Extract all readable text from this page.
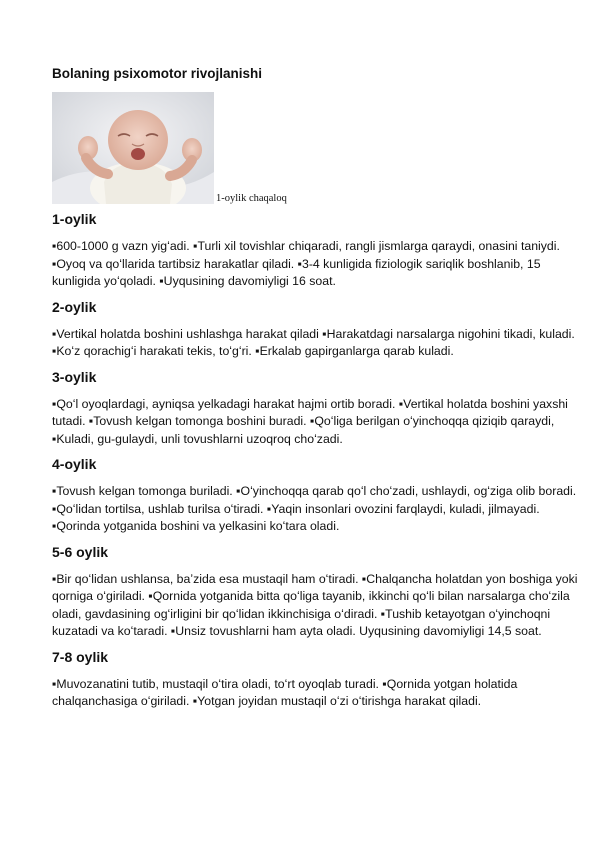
Bolaning psixomotor rivojlanishi
1-oylik chaqaloq
1-oylik

▪600-1000 g vazn yigʻadi. ▪Turli xil tovishlar chiqaradi, rangli jismlarga qaraydi, onasini taniydi. ▪Oyoq va qoʻllarida tartibsiz harakatlar qiladi. ▪3-4 kunligida fiziologik sariqlik boshlanib, 15 kunligida yoʻqoladi. ▪Uyqusining davomiyligi 16 soat.

2-oylik

▪Vertikal holatda boshini ushlashga harakat qiladi ▪Harakatdagi narsalarga nigohini tikadi, kuladi. ▪Koʻz qorachigʻi harakati tekis, toʻgʻri. ▪Erkalab gapirganlarga qarab kuladi.

3-oylik

▪Qoʻl oyoqlardagi, ayniqsa yelkadagi harakat hajmi ortib boradi. ▪Vertikal holatda boshini yaxshi tutadi. ▪Tovush kelgan tomonga boshini buradi. ▪Qoʻliga berilgan oʻyinchoqqa qiziqib qaraydi, ▪Kuladi, gu-gulaydi, unli tovushlarni uzoqroq choʻzadi.

4-oylik

▪Tovush kelgan tomonga buriladi. ▪Oʻyinchoqqa qarab qoʻl choʻzadi, ushlaydi, ogʻziga olib boradi. ▪Qoʻlidan tortilsa, ushlab turilsa oʻtiradi. ▪Yaqin insonlari ovozini farqlaydi, kuladi, jilmayadi. ▪Qorinda yotganida boshini va yelkasini koʻtara oladi.

5-6 oylik

▪Bir qoʻlidan ushlansa, baʼzida esa mustaqil ham oʻtiradi. ▪Chalqancha holatdan yon boshiga yoki qorniga oʻgiriladi. ▪Qornida yotganida bitta qoʻliga tayanib, ikkinchi qoʻli bilan narsalarga choʻzila oladi, gavdasining ogʻirligini bir qoʻlidan ikkinchisiga oʻdiradi. ▪Tushib ketayotgan oʻyinchoqni kuzatadi va koʻtaradi. ▪Unsiz tovushlarni ham ayta oladi. Uyqusining davomiyligi 14,5 soat.

7-8 oylik

▪Muvozanatini tutib, mustaqil oʻtira oladi, toʻrt oyoqlab turadi. ▪Qornida yotgan holatida chalqanchasiga oʻgiriladi. ▪Yotgan joyidan mustaqil oʻzi oʻtirishga harakat qiladi.
